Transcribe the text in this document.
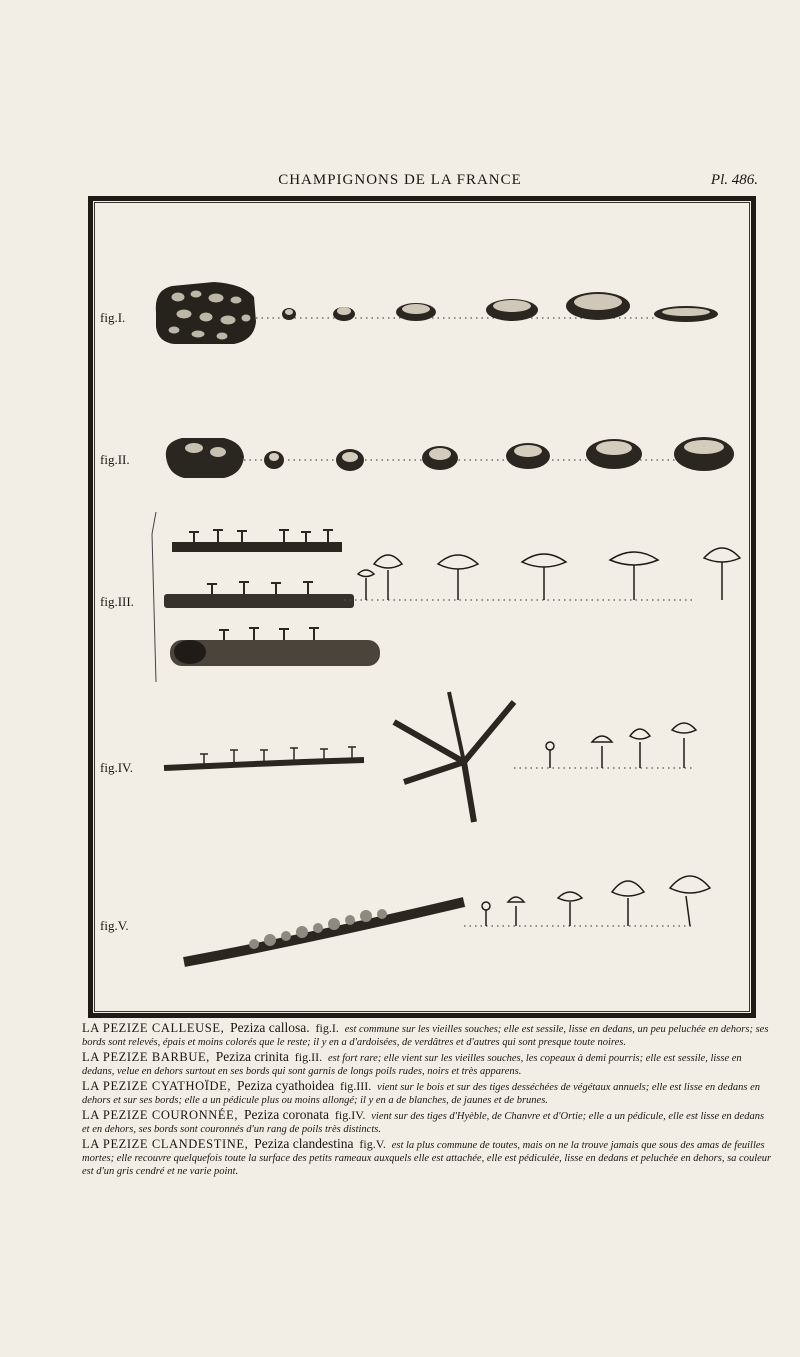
CHAMPIGNONS DE LA FRANCE	Pl. 486.
fig.I.
fig.II.
fig.III.
fig.IV.
fig.V.

LA PEZIZE CALLEUSE, Peziza callosa. fig.I. est commune sur les vieilles souches; elle est sessile, lisse en dedans, un peu peluchée en dehors; ses bords sont relevés, épais et moins colorés que le reste; il y en a d'ardoisées, de verdâtres et d'autres qui sont presque toute noires.

LA PEZIZE BARBUE, Peziza crinita fig.II. est fort rare; elle vient sur les vieilles souches, les copeaux à demi pourris; elle est sessile, lisse en dedans, velue en dehors surtout en ses bords qui sont garnis de longs poils rudes, noirs et très apparens.

LA PEZIZE CYATHOÏDE, Peziza cyathoidea fig.III. vient sur le bois et sur des tiges desséchées de végétaux annuels; elle est lisse en dedans en dehors et sur ses bords; elle a un pédicule plus ou moins allongé; il y en a de blanches, de jaunes et de brunes.

LA PEZIZE COURONNÉE, Peziza coronata fig.IV. vient sur des tiges d'Hyèble, de Chanvre et d'Ortie; elle a un pédicule, elle est lisse en dedans et en dehors, ses bords sont couronnés d'un rang de poils très distincts.

LA PEZIZE CLANDESTINE, Peziza clandestina fig.V. est la plus commune de toutes, mais on ne la trouve jamais que sous des amas de feuilles mortes; elle recouvre quelquefois toute la surface des petits rameaux auxquels elle est attachée, elle est pédiculée, lisse en dedans et peluchée en dehors, sa couleur est d'un gris cendré et ne varie point.
